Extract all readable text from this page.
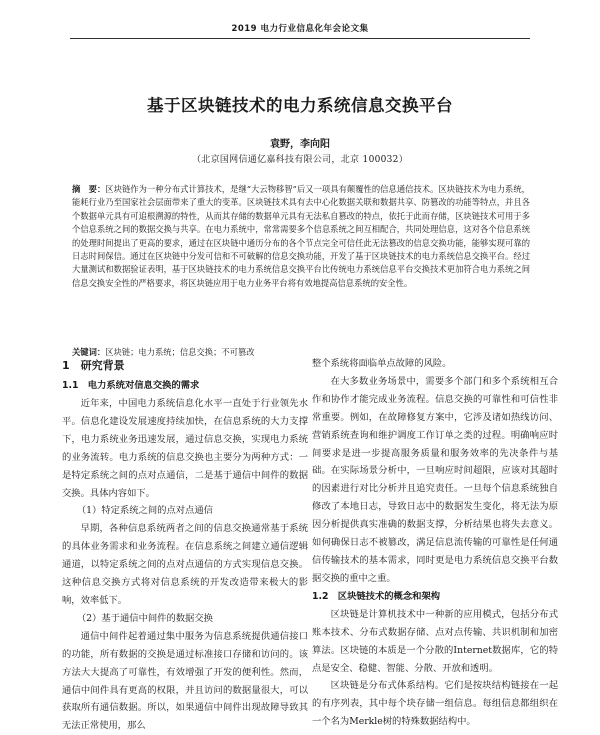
2019 电力行业信息化年会论文集
基于区块链技术的电力系统信息交换平台
袁野，李向阳
（北京国网信通亿嘉科技有限公司，北京 100032）
摘　要：区块链作为一种分布式计算技术，是继“大云物移智”后又一项具有颠覆性的信息通信技术。区块链技术为电力系统，能耗行业乃至国家社会层面带来了重大的变革。区块链技术具有去中心化数据关联和数据共享、防篡改的功能等特点，并且各个数据单元具有可追根溯源的特性，从而其存储的数据单元具有无法私自篡改的特点，依托于此而存储，区块链技术可用于多个信息系统之间的数据交换与共享。在电力系统中，常常需要多个信息系统之间互相配合，共同处理信息，这对各个信息系统的处理时间提出了更高的要求，通过在区块链中通历分布的各个节点完全可信任此无法篡改的信息交换功能，能够实现可靠的日志时间保信。通过在区块链中分发可信和不可破解的信息交换功能，开发了基于区块链技术的电力系统信息交换平台。经过大量测试和数据验证表明，基于区块链技术的电力系统信息交换平台比传统电力系统信息平台交换技术更加符合电力系统之间信息交换安全性的严格要求，将区块链应用于电力业务平台将有效地提高信息系统的安全性。
关键词：区块链；电力系统；信息交换；不可篡改
1　研究背景
1.1　电力系统对信息交换的需求

近年来，中国电力系统信息化水平一直处于行业领先水平。信息化建设发展速度持续加快，在信息系统的大力支撑下，电力系统业务迅速发展，通过信息交换，实现电力系统的业务流转。电力系统的信息交换也主要分为两种方式：一是特定系统之间的点对点通信，二是基于通信中间件的数据交换。具体内容如下。

（1）特定系统之间的点对点通信

早期，各种信息系统两者之间的信息交换通常基于系统的具体业务需求和业务流程。在信息系统之间建立通信逻辑通道，以特定系统之间的点对点通信的方式实现信息交换。这种信息交换方式将对信息系统的开发改造带来极大的影响，效率低下。

（2）基于通信中间件的数据交换

通信中间件起着通过集中服务为信息系统提供通信接口的功能，所有数据的交换是通过标准接口存储和访问的。该方法大大提高了可靠性，有效增强了开发的便利性。然而，通信中间件具有更高的权限，并且访问的数据量很大，可以获取所有通信数据。所以，如果通信中间件出现故障导致其无法正常使用，那么

整个系统将面临单点故障的风险。

在大多数业务场景中，需要多个部门和多个系统相互合作和协作才能完成业务流程。信息交换的可靠性和可信性非常重要。例如，在故障修复方案中，它涉及诸如热线访问、营销系统查询和维护调度工作订单之类的过程。明确响应时间要求是进一步提高服务质量和服务效率的先决条件与基础。在实际场景分析中，一旦响应时间超限，应该对其超时的因素进行对比分析并且追究责任。一旦每个信息系统独自修改了本地日志，导致日志中的数据发生变化，将无法为原因分析提供真实准确的数据支撑，分析结果也将失去意义。如何确保日志不被篡改，满足信息流传输的可靠性是任何通信传输技术的基本需求，同时更是电力系统信息交换平台数据交换的重中之重。

1.2　区块链技术的概念和架构

区块链是计算机技术中一种新的应用模式，包括分布式账本技术、分布式数据存储、点对点传输、共识机制和加密算法。区块链的本质是一个分散的Internet数据库，它的特点是安全、稳健、智能、分散、开放和透明。

区块链是分布式体系结构。它们是按块结构链接在一起的有序列表，其中每个块存储一组信息。每组信息都组织在一个名为Merkle树的特殊数据结构中。
